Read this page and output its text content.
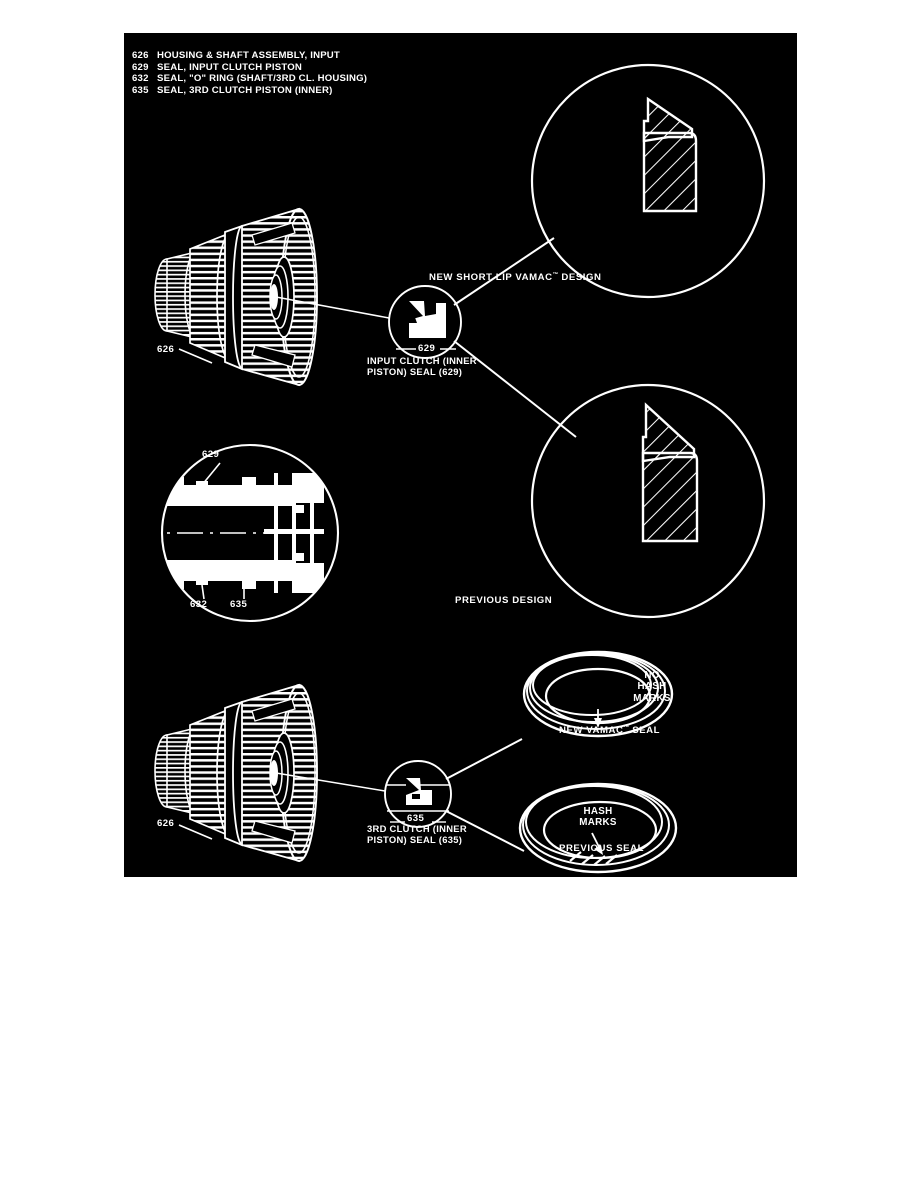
626 HOUSING & SHAFT ASSEMBLY, INPUT
629 SEAL, INPUT CLUTCH PISTON
632 SEAL, "O" RING (SHAFT/3RD CL. HOUSING)
635 SEAL, 3RD CLUTCH PISTON (INNER)
NEW SHORT LIP VAMAC™ DESIGN
PREVIOUS DESIGN
NEW VAMAC™ SEAL
PREVIOUS SEAL
INPUT CLUTCH (INNER
PISTON) SEAL (629)
3RD CLUTCH (INNER
PISTON) SEAL (635)
NO
HASH
MARKS
HASH
MARKS
626
626
629
635
629
632 635
